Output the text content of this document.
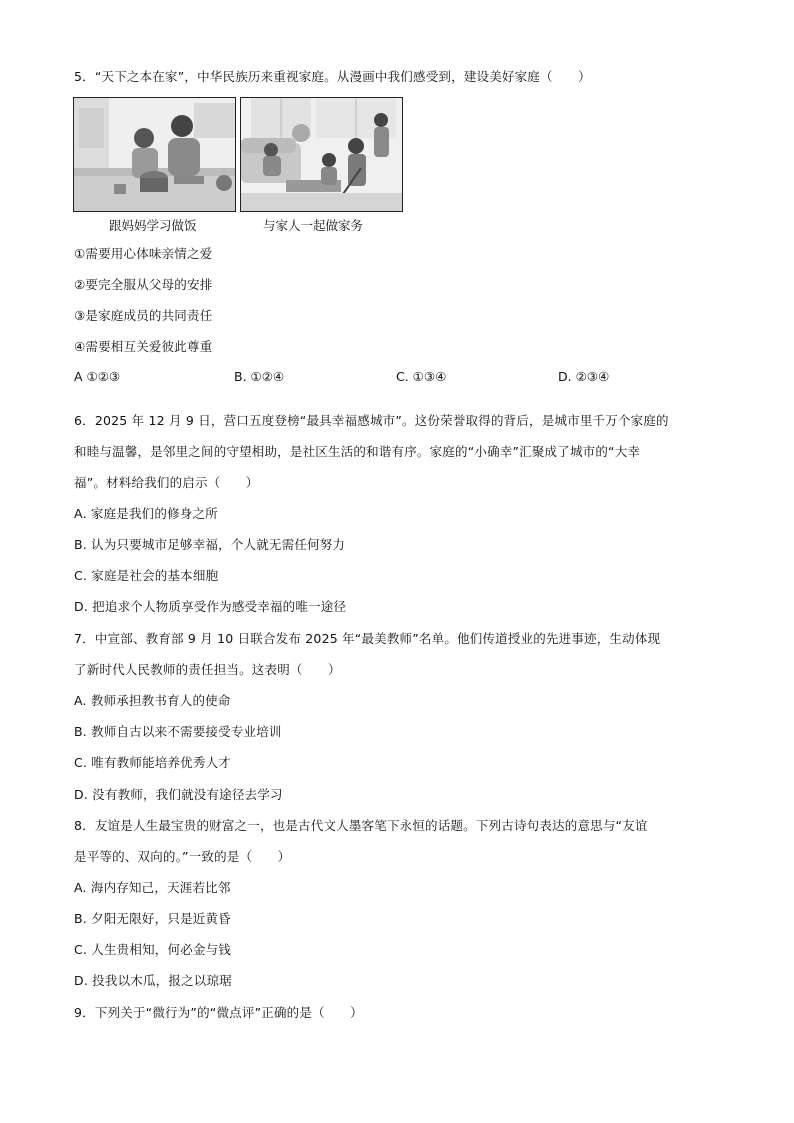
5．“天下之本在家”，中华民族历来重视家庭。从漫画中我们感受到，建设美好家庭（　　）
跟妈妈学习做饭	与家人一起做家务
①需要用心体味亲情之爱
②要完全服从父母的安排
③是家庭成员的共同责任
④需要相互关爱彼此尊重
A ①②③	B. ①②④	C. ①③④	D. ②③④
6．2025 年 12 月 9 日，营口五度登榜“最具幸福感城市”。这份荣誉取得的背后，是城市里千万个家庭的
和睦与温馨，是邻里之间的守望相助，是社区生活的和谐有序。家庭的“小确幸”汇聚成了城市的“大幸
福”。材料给我们的启示（　　）
A. 家庭是我们的修身之所
B. 认为只要城市足够幸福，个人就无需任何努力
C. 家庭是社会的基本细胞
D. 把追求个人物质享受作为感受幸福的唯一途径
7．中宣部、教育部 9 月 10 日联合发布 2025 年“最美教师”名单。他们传道授业的先进事迹，生动体现
了新时代人民教师的责任担当。这表明（　　）
A. 教师承担教书育人的使命
B. 教师自古以来不需要接受专业培训
C. 唯有教师能培养优秀人才
D. 没有教师，我们就没有途径去学习
8．友谊是人生最宝贵的财富之一，也是古代文人墨客笔下永恒的话题。下列古诗句表达的意思与“友谊
是平等的、双向的。”一致的是（　　）
A. 海内存知己，天涯若比邻
B. 夕阳无限好，只是近黄昏
C. 人生贵相知，何必金与钱
D. 投我以木瓜，报之以琼琚
9．下列关于“微行为”的“微点评”正确的是（　　）
